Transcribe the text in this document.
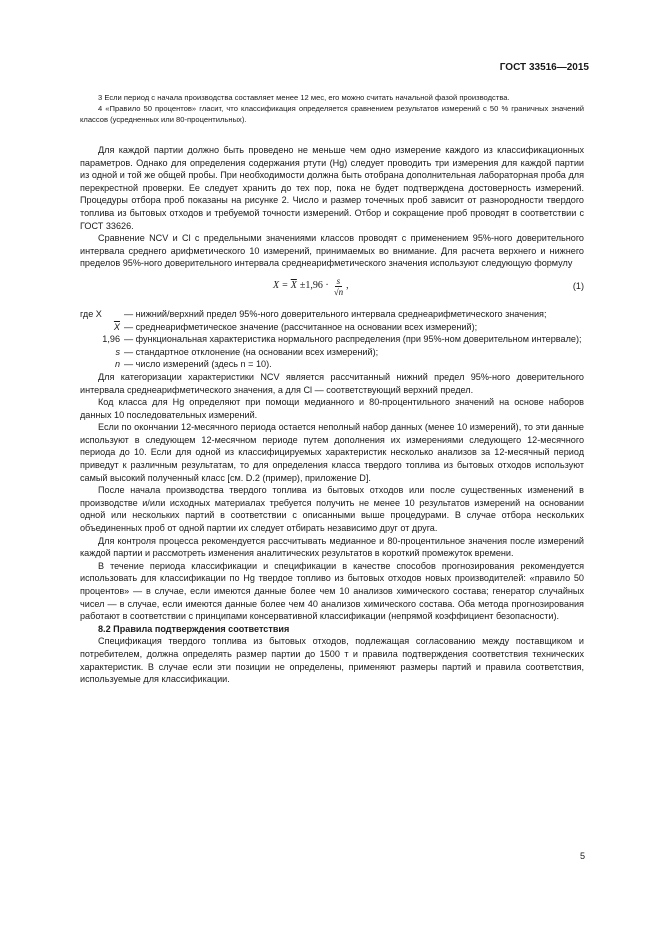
ГОСТ 33516—2015

3 Если период с начала производства составляет менее 12 мес, его можно считать начальной фазой производства.

4 «Правило 50 процентов» гласит, что классификация определяется сравнением результатов измерений с 50 % граничных значений классов (усредненных или 80-процентильных).

Для каждой партии должно быть проведено не меньше чем одно измерение каждого из классификационных параметров. Однако для определения содержания ртути (Hg) следует проводить три измерения для каждой партии из одной и той же общей пробы. При необходимости должна быть отобрана дополнительная лабораторная проба для перекрестной проверки. Ее следует хранить до тех пор, пока не будет подтверждена достоверность измерений. Процедуры отбора проб показаны на рисунке 2. Число и размер точечных проб зависит от разнородности твердого топлива из бытовых отходов и требуемой точности измерений. Отбор и сокращение проб проводят в соответствии с ГОСТ 33626.

Сравнение NCV и Cl с предельными значениями классов проводят с применением 95%-ного доверительного интервала среднего арифметического 10 измерений, принимаемых во внимание. Для расчета верхнего и нижнего пределов 95%-ного доверительного интервала среднеарифметического значения используют следующую формулу

$X = \overline{X} \pm 1,96 \cdot \frac{s}{√n}$ ,	(1)
где X	— нижний/верхний предел 95%-ного доверительного интервала среднеарифметического значения;
$\overline{X}$ — среднеарифметическое значение (рассчитанное на основании всех измерений);
1,96 — функциональная характеристика нормального распределения (при 95%-ном доверительном интервале);
s — стандартное отклонение (на основании всех измерений);
n — число измерений (здесь n = 10).

Для категоризации характеристики NCV является рассчитанный нижний предел 95%-ного доверительного интервала среднеарифметического значения, а для Cl — соответствующий верхний предел.

Код класса для Hg определяют при помощи медианного и 80-процентильного значений на основе наборов данных 10 последовательных измерений.

Если по окончании 12-месячного периода остается неполный набор данных (менее 10 измерений), то эти данные используют в следующем 12-месячном периоде путем дополнения их измерениями следующего 12-месячного периода до 10. Если для одной из классифицируемых характеристик несколько анализов за 12-месячный период приведут к различным результатам, то для определения класса твердого топлива из бытовых отходов используют самый высокий полученный класс [см. D.2 (пример), приложение D].

После начала производства твердого топлива из бытовых отходов или после существенных изменений в производстве и/или исходных материалах требуется получить не менее 10 результатов измерений на основании одной или нескольких партий в соответствии с описанными выше процедурами. В случае отбора нескольких объединенных проб от одной партии их следует отбирать независимо друг от друга.

Для контроля процесса рекомендуется рассчитывать медианное и 80-процентильное значения после измерений каждой партии и рассмотреть изменения аналитических результатов в короткий промежуток времени.

В течение периода классификации и спецификации в качестве способов прогнозирования рекомендуется использовать для классификации по Hg твердое топливо из бытовых отходов новых производителей: «правило 50 процентов» — в случае, если имеются данные более чем 10 анализов химического состава; генератор случайных чисел — в случае, если имеются данные более чем 40 анализов химического состава. Оба метода прогнозирования работают в соответствии с принципами консервативной классификации (непрямой коэффициент безопасности).

8.2 Правила подтверждения соответствия

Спецификация твердого топлива из бытовых отходов, подлежащая согласованию между поставщиком и потребителем, должна определять размер партии до 1500 т и правила подтверждения соответствия технических характеристик. В случае если эти позиции не определены, применяют размеры партий и правила соответствия, используемые для классификации.

5
